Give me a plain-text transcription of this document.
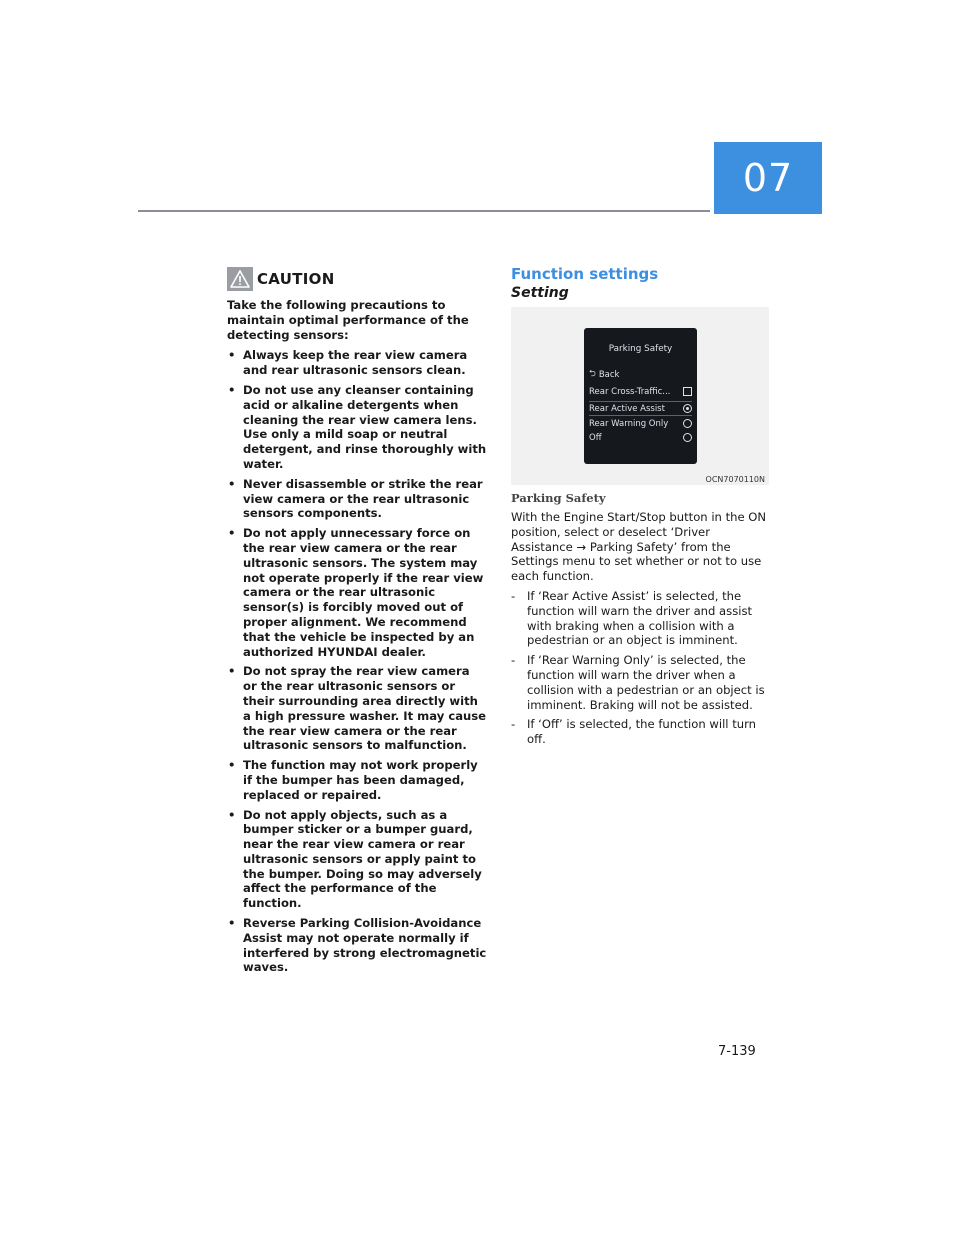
07
CAUTION

Take the following precautions to maintain optimal performance of the detecting sensors:

• Always keep the rear view camera and rear ultrasonic sensors clean.
• Do not use any cleanser containing acid or alkaline detergents when cleaning the rear view camera lens. Use only a mild soap or neutral detergent, and rinse thoroughly with water.
• Never disassemble or strike the rear view camera or the rear ultrasonic sensors components.
• Do not apply unnecessary force on the rear view camera or the rear ultrasonic sensors. The system may not operate properly if the rear view camera or the rear ultrasonic sensor(s) is forcibly moved out of proper alignment. We recommend that the vehicle be inspected by an authorized HYUNDAI dealer.
• Do not spray the rear view camera or the rear ultrasonic sensors or their surrounding area directly with a high pressure washer. It may cause the rear view camera or the rear ultrasonic sensors to malfunction.
• The function may not work properly if the bumper has been damaged, replaced or repaired.
• Do not apply objects, such as a bumper sticker or a bumper guard, near the rear view camera or rear ultrasonic sensors or apply paint to the bumper. Doing so may adversely affect the performance of the function.
• Reverse Parking Collision-Avoidance Assist may not operate normally if interfered by strong electromagnetic waves.

Function settings

Setting

Parking Safety
⮌ Back
Rear Cross-Traffic...
Rear Active Assist
Rear Warning Only
Off
OCN7070110N

Parking Safety

With the Engine Start/Stop button in the ON position, select or deselect ‘Driver Assistance → Parking Safety’ from the Settings menu to set whether or not to use each function.

- If ‘Rear Active Assist’ is selected, the function will warn the driver and assist with braking when a collision with a pedestrian or an object is imminent.
- If ‘Rear Warning Only’ is selected, the function will warn the driver when a collision with a pedestrian or an object is imminent. Braking will not be assisted.
- If ‘Off’ is selected, the function will turn off.
7-139
